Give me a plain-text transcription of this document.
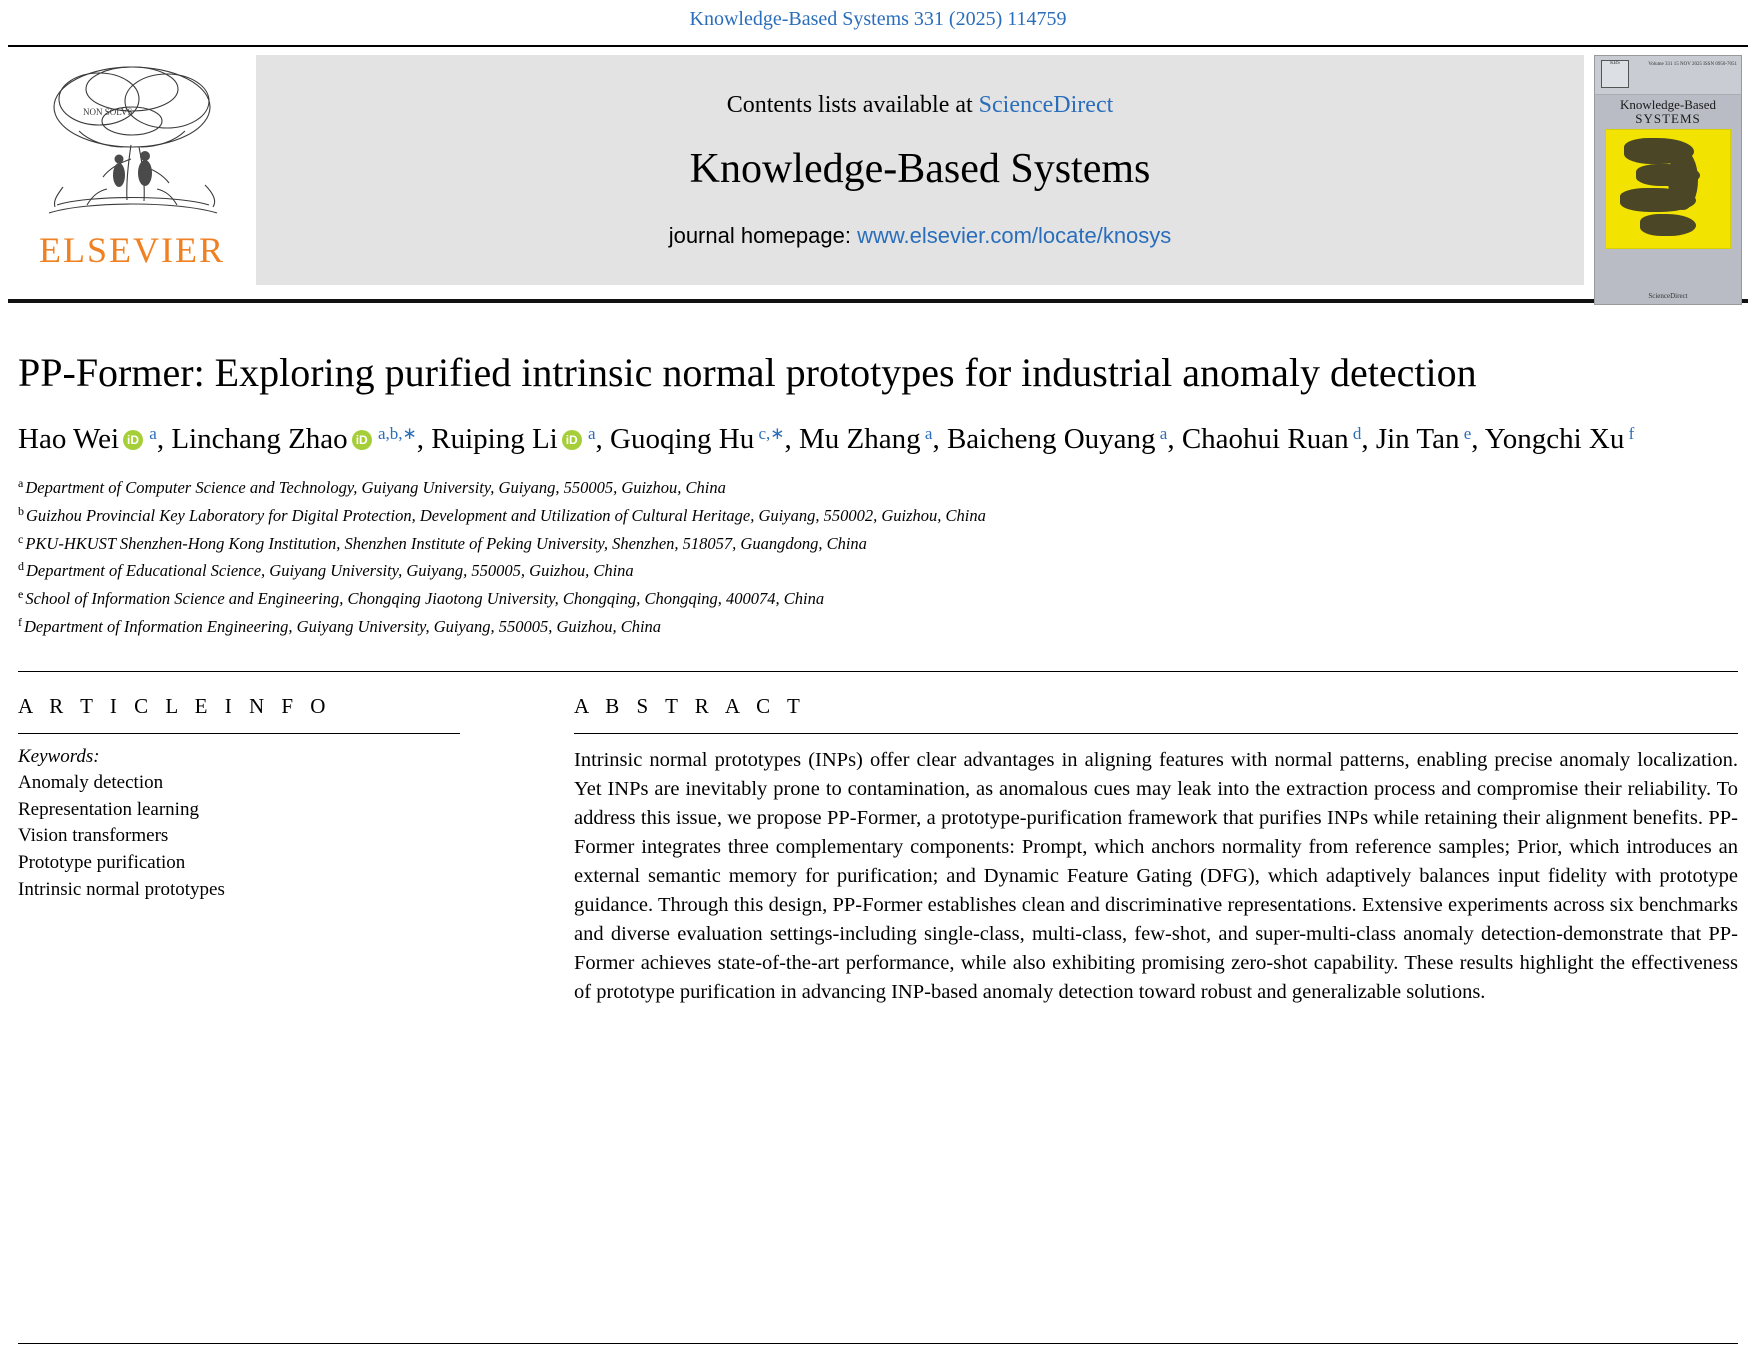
Knowledge-Based Systems 331 (2025) 114759
NON SOLVS
ELSEVIER
Contents lists available at ScienceDirect
Knowledge-Based Systems
journal homepage: www.elsevier.com/locate/knosys
KBS	Volume 331 15 NOV 2025 ISSN 0950-7051
Knowledge-Based
SYSTEMS
ScienceDirect
PP-Former: Exploring purified intrinsic normal prototypes for industrial anomaly detection
Hao Wei iD $^a$, Linchang Zhao iD $^{a,b,∗}$, Ruiping Li iD $^a$, Guoqing Hu $^{c,∗}$, Mu Zhang $^a$, Baicheng Ouyang $^a$, Chaohui Ruan $^d$, Jin Tan $^e$, Yongchi Xu $^f$
$^a$ Department of Computer Science and Technology, Guiyang University, Guiyang, 550005, Guizhou, China
$^b$ Guizhou Provincial Key Laboratory for Digital Protection, Development and Utilization of Cultural Heritage, Guiyang, 550002, Guizhou, China
$^c$ PKU-HKUST Shenzhen-Hong Kong Institution, Shenzhen Institute of Peking University, Shenzhen, 518057, Guangdong, China
$^d$ Department of Educational Science, Guiyang University, Guiyang, 550005, Guizhou, China
$^e$ School of Information Science and Engineering, Chongqing Jiaotong University, Chongqing, Chongqing, 400074, China
$^f$ Department of Information Engineering, Guiyang University, Guiyang, 550005, Guizhou, China
A R T I C L E I N F O
Keywords:
Anomaly detection
Representation learning
Vision transformers
Prototype purification
Intrinsic normal prototypes
A B S T R A C T
Intrinsic normal prototypes (INPs) offer clear advantages in aligning features with normal patterns, enabling precise anomaly localization. Yet INPs are inevitably prone to contamination, as anomalous cues may leak into the extraction process and compromise their reliability. To address this issue, we propose PP-Former, a prototype-purification framework that purifies INPs while retaining their alignment benefits. PP-Former integrates three complementary components: Prompt, which anchors normality from reference samples; Prior, which introduces an external semantic memory for purification; and Dynamic Feature Gating (DFG), which adaptively balances input fidelity with prototype guidance. Through this design, PP-Former establishes clean and discriminative representations. Extensive experiments across six benchmarks and diverse evaluation settings-including single-class, multi-class, few-shot, and super-multi-class anomaly detection-demonstrate that PP-Former achieves state-of-the-art performance, while also exhibiting promising zero-shot capability. These results highlight the effectiveness of prototype purification in advancing INP-based anomaly detection toward robust and generalizable solutions.
